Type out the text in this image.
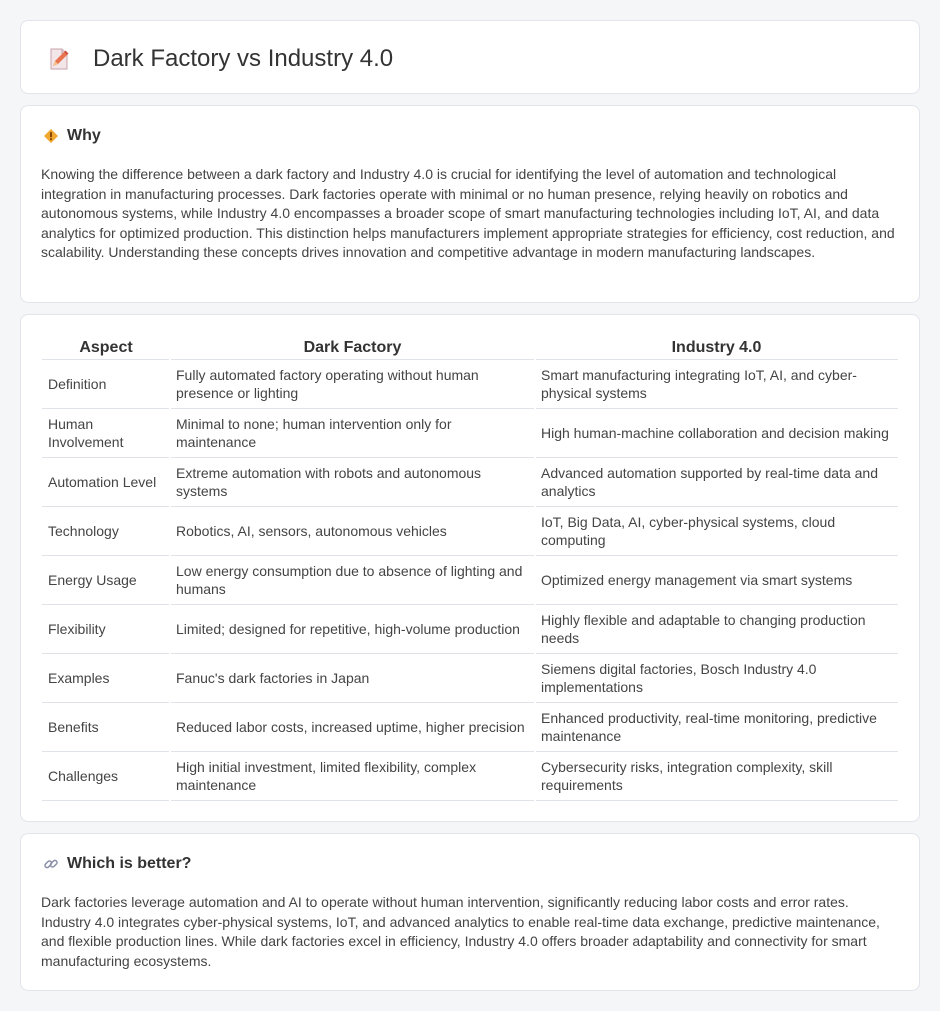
Dark Factory vs Industry 4.0
Why

Knowing the difference between a dark factory and Industry 4.0 is crucial for identifying the level of automation and technological integration in manufacturing processes. Dark factories operate with minimal or no human presence, relying heavily on robotics and autonomous systems, while Industry 4.0 encompasses a broader scope of smart manufacturing technologies including IoT, AI, and data analytics for optimized production. This distinction helps manufacturers implement appropriate strategies for efficiency, cost reduction, and scalability. Understanding these concepts drives innovation and competitive advantage in modern manufacturing landscapes.

Aspect	Dark Factory	Industry 4.0
Definition	Fully automated factory operating without human presence or lighting	Smart manufacturing integrating IoT, AI, and cyber-physical systems
Human Involvement	Minimal to none; human intervention only for maintenance	High human-machine collaboration and decision making
Automation Level	Extreme automation with robots and autonomous systems	Advanced automation supported by real-time data and analytics
Technology	Robotics, AI, sensors, autonomous vehicles	IoT, Big Data, AI, cyber-physical systems, cloud computing
Energy Usage	Low energy consumption due to absence of lighting and humans	Optimized energy management via smart systems
Flexibility	Limited; designed for repetitive, high-volume production	Highly flexible and adaptable to changing production needs
Examples	Fanuc's dark factories in Japan	Siemens digital factories, Bosch Industry 4.0 implementations
Benefits	Reduced labor costs, increased uptime, higher precision	Enhanced productivity, real-time monitoring, predictive maintenance
Challenges	High initial investment, limited flexibility, complex maintenance	Cybersecurity risks, integration complexity, skill requirements
Which is better?

Dark factories leverage automation and AI to operate without human intervention, significantly reducing labor costs and error rates. Industry 4.0 integrates cyber-physical systems, IoT, and advanced analytics to enable real-time data exchange, predictive maintenance, and flexible production lines. While dark factories excel in efficiency, Industry 4.0 offers broader adaptability and connectivity for smart manufacturing ecosystems.
